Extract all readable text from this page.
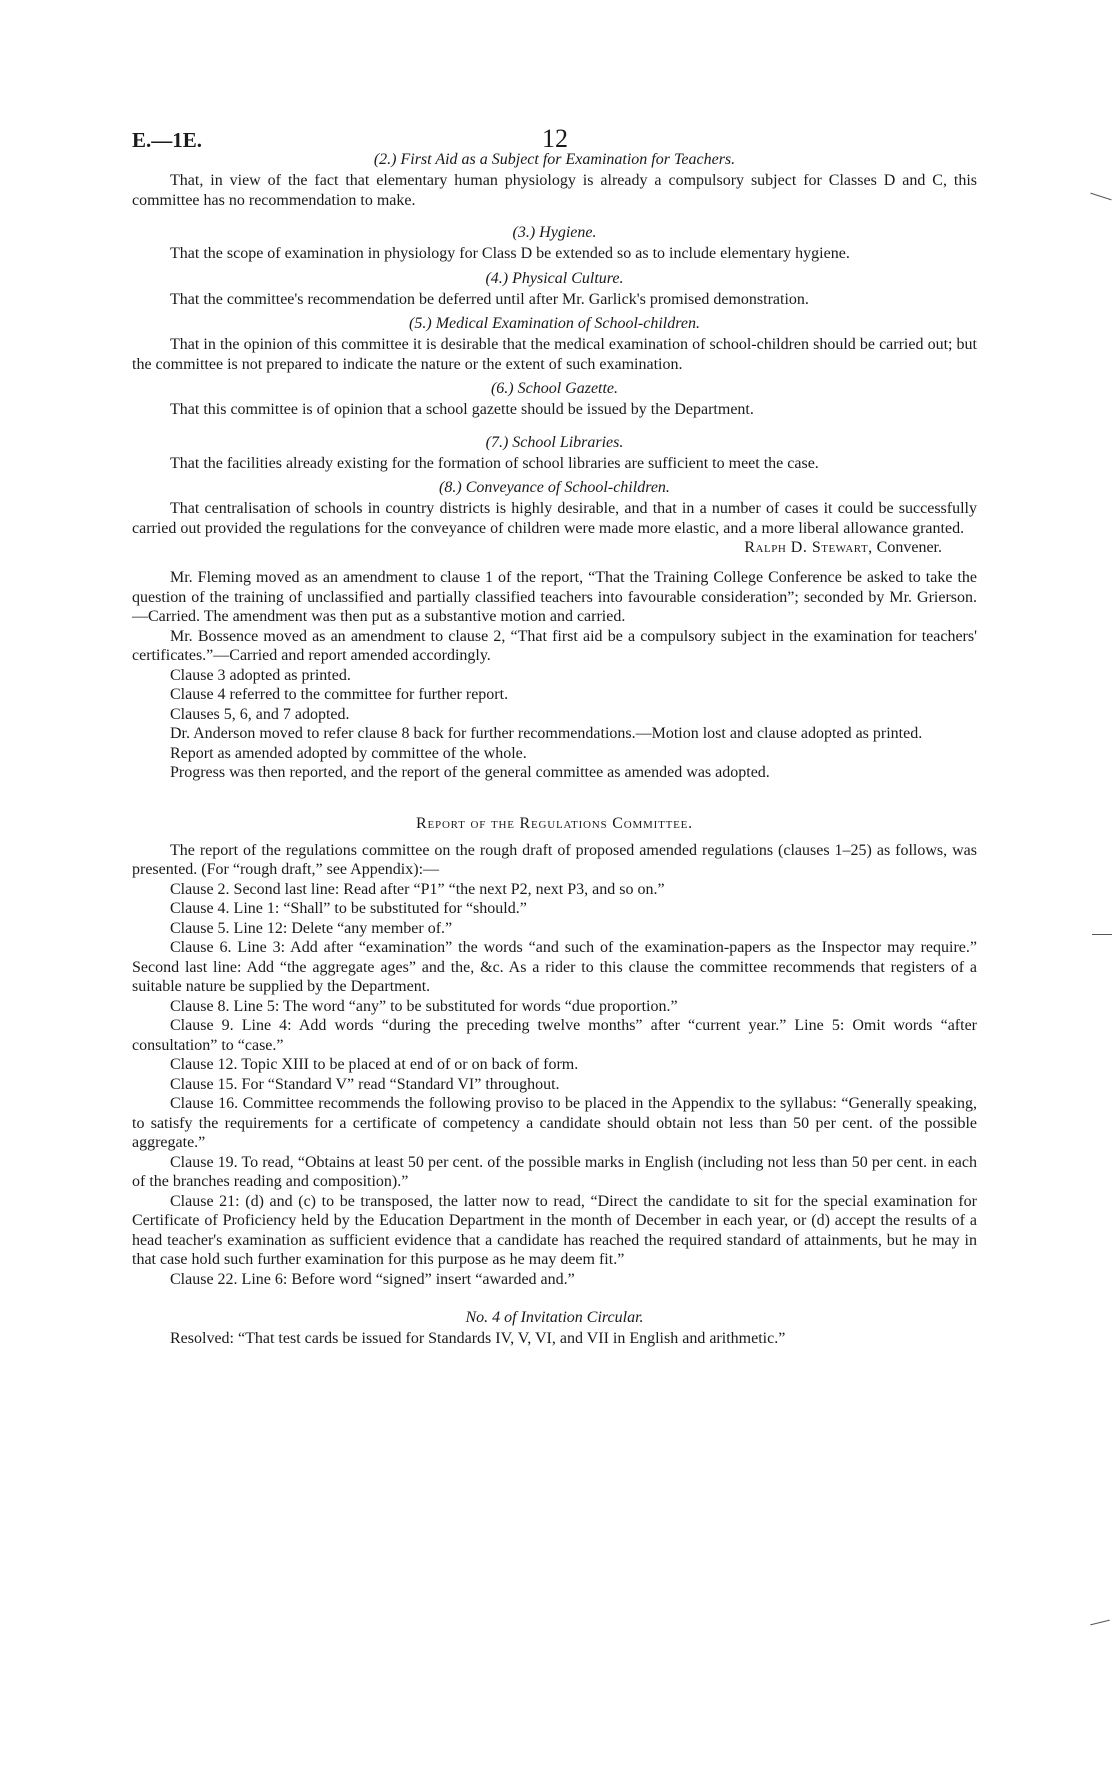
E.—1E.	12
(2.) First Aid as a Subject for Examination for Teachers.

That, in view of the fact that elementary human physiology is already a compulsory subject for Classes D and C, this committee has no recommendation to make.

(3.) Hygiene.

That the scope of examination in physiology for Class D be extended so as to include elementary hygiene.

(4.) Physical Culture.

That the committee's recommendation be deferred until after Mr. Garlick's promised demonstration.

(5.) Medical Examination of School-children.

That in the opinion of this committee it is desirable that the medical examination of school-children should be carried out; but the committee is not prepared to indicate the nature or the extent of such examination.

(6.) School Gazette.

That this committee is of opinion that a school gazette should be issued by the Department.

(7.) School Libraries.

That the facilities already existing for the formation of school libraries are sufficient to meet the case.

(8.) Conveyance of School-children.

That centralisation of schools in country districts is highly desirable, and that in a number of cases it could be successfully carried out provided the regulations for the conveyance of children were made more elastic, and a more liberal allowance granted.

Ralph D. Stewart, Convener.

Mr. Fleming moved as an amendment to clause 1 of the report, “That the Training College Conference be asked to take the question of the training of unclassified and partially classified teachers into favourable consideration”; seconded by Mr. Grierson.—Carried. The amendment was then put as a substantive motion and carried.

Mr. Bossence moved as an amendment to clause 2, “That first aid be a compulsory subject in the examination for teachers' certificates.”—Carried and report amended accordingly.

Clause 3 adopted as printed.

Clause 4 referred to the committee for further report.

Clauses 5, 6, and 7 adopted.

Dr. Anderson moved to refer clause 8 back for further recommendations.—Motion lost and clause adopted as printed.

Report as amended adopted by committee of the whole.

Progress was then reported, and the report of the general committee as amended was adopted.

Report of the Regulations Committee.

The report of the regulations committee on the rough draft of proposed amended regulations (clauses 1–25) as follows, was presented. (For “rough draft,” see Appendix):—

Clause 2. Second last line: Read after “P1” “the next P2, next P3, and so on.”

Clause 4. Line 1: “Shall” to be substituted for “should.”

Clause 5. Line 12: Delete “any member of.”

Clause 6. Line 3: Add after “examination” the words “and such of the examination-papers as the Inspector may require.” Second last line: Add “the aggregate ages” and the, &c. As a rider to this clause the committee recommends that registers of a suitable nature be supplied by the Department.

Clause 8. Line 5: The word “any” to be substituted for words “due proportion.”

Clause 9. Line 4: Add words “during the preceding twelve months” after “current year.” Line 5: Omit words “after consultation” to “case.”

Clause 12. Topic XIII to be placed at end of or on back of form.

Clause 15. For “Standard V” read “Standard VI” throughout.

Clause 16. Committee recommends the following proviso to be placed in the Appendix to the syllabus: “Generally speaking, to satisfy the requirements for a certificate of competency a candidate should obtain not less than 50 per cent. of the possible aggregate.”

Clause 19. To read, “Obtains at least 50 per cent. of the possible marks in English (including not less than 50 per cent. in each of the branches reading and composition).”

Clause 21: (d) and (c) to be transposed, the latter now to read, “Direct the candidate to sit for the special examination for Certificate of Proficiency held by the Education Department in the month of December in each year, or (d) accept the results of a head teacher's examination as sufficient evidence that a candidate has reached the required standard of attainments, but he may in that case hold such further examination for this purpose as he may deem fit.”

Clause 22. Line 6: Before word “signed” insert “awarded and.”

No. 4 of Invitation Circular.

Resolved: “That test cards be issued for Standards IV, V, VI, and VII in English and arithmetic.”
